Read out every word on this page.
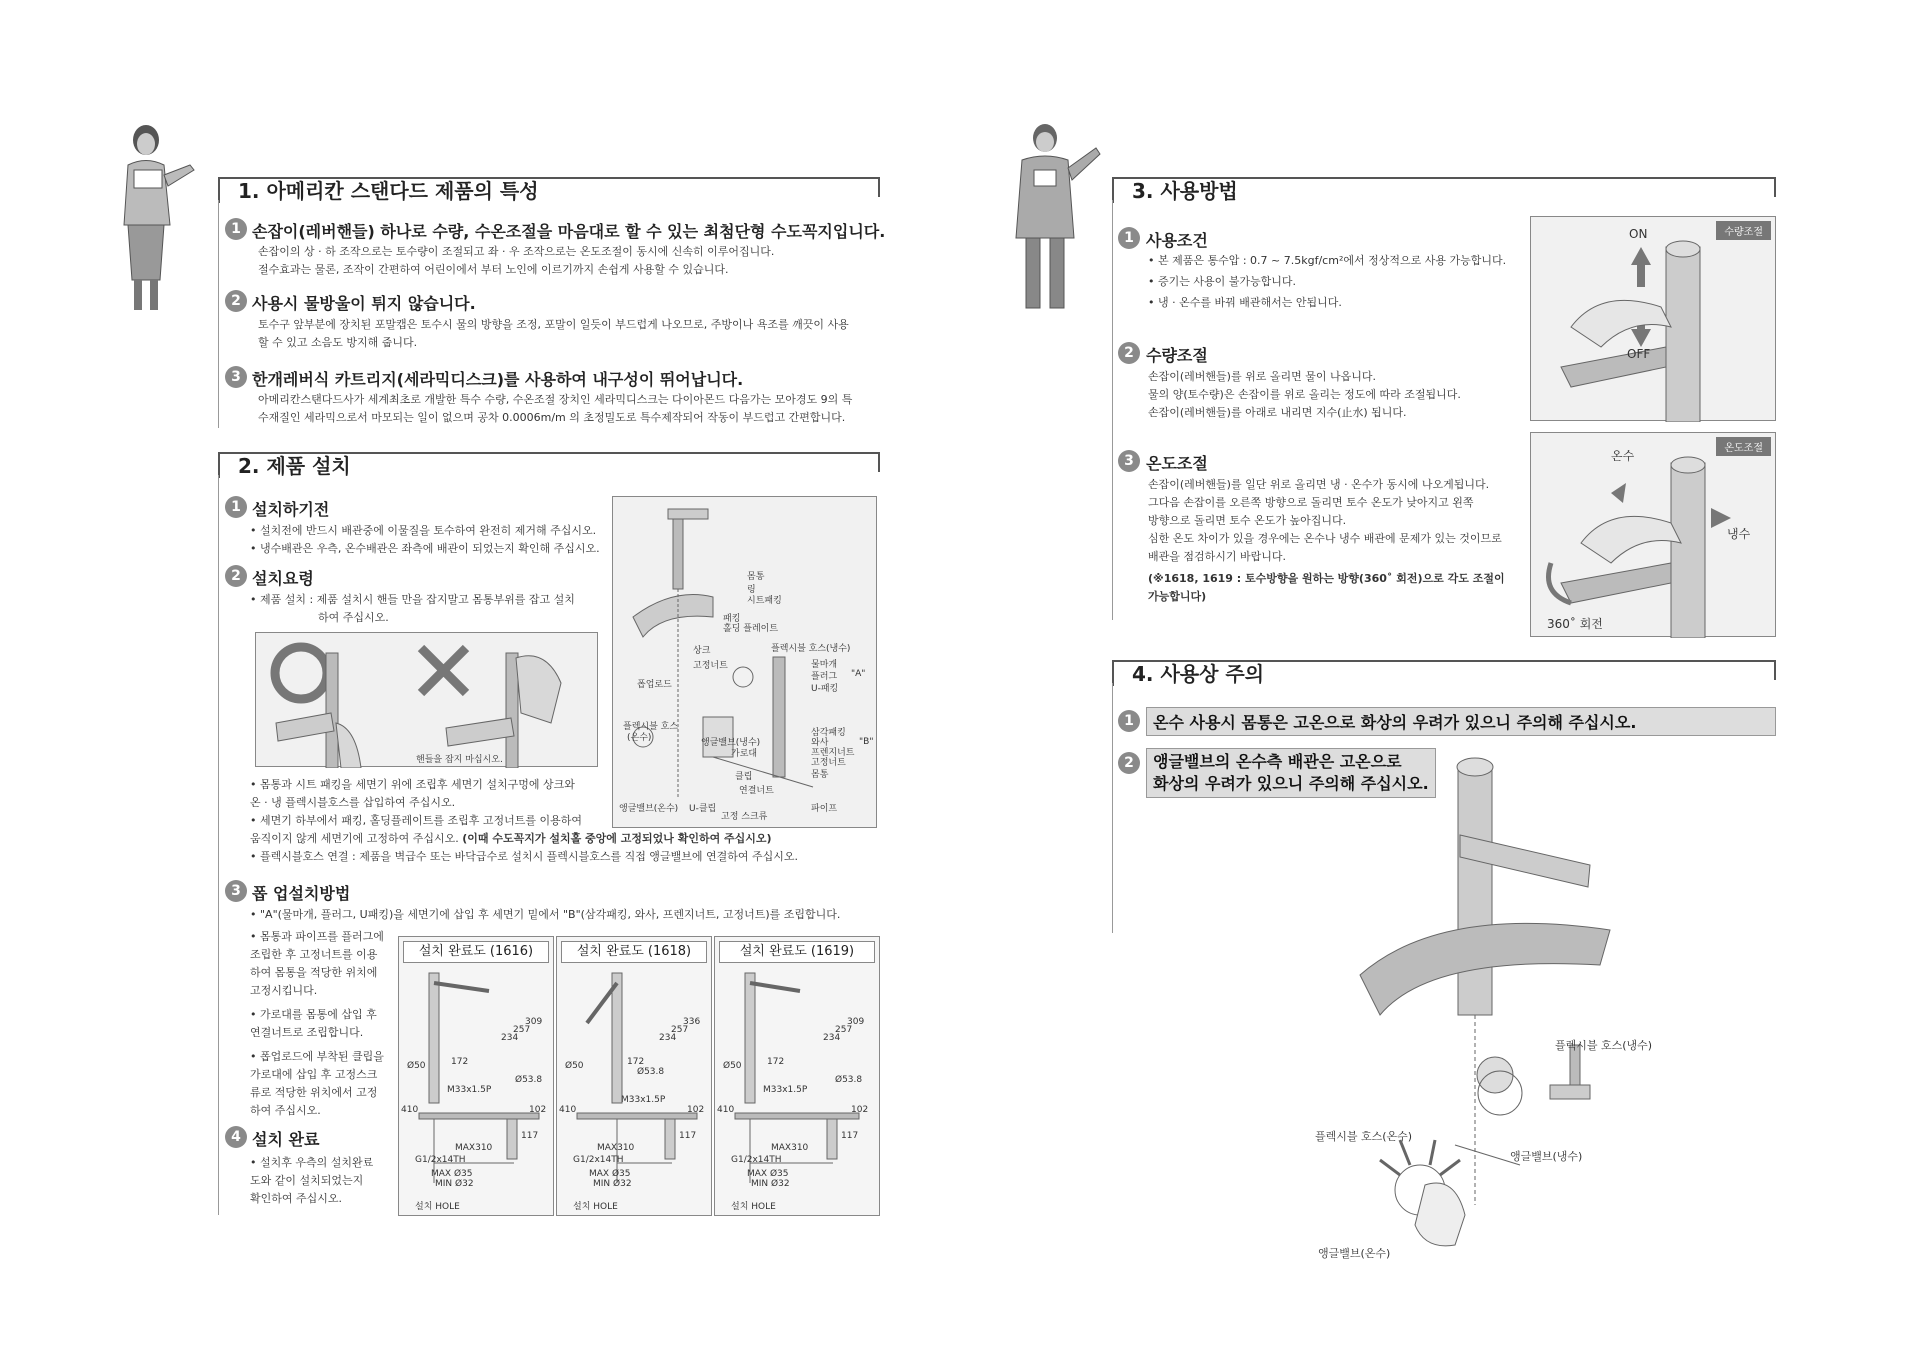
1. 아메리칸 스탠다드 제품의 특성
1 손잡이(레버핸들) 하나로 수량, 수온조절을 마음대로 할 수 있는 최첨단형 수도꼭지입니다.

손잡이의 상 · 하 조작으로는 토수량이 조절되고 좌 · 우 조작으로는 온도조절이 동시에 신속히 이루어집니다.

절수효과는 물론, 조작이 간편하여 어린이에서 부터 노인에 이르기까지 손쉽게 사용할 수 있습니다.

2 사용시 물방울이 튀지 않습니다.

토수구 앞부분에 장치된 포말캡은 토수시 물의 방향을 조정, 포말이 일듯이 부드럽게 나오므로, 주방이나 욕조를 깨끗이 사용

할 수 있고 소음도 방지해 줍니다.

3 한개레버식 카트리지(세라믹디스크)를 사용하여 내구성이 뛰어납니다.

아메리칸스탠다드사가 세계최초로 개발한 특수 수량, 수온조절 장치인 세라믹디스크는 다이아몬드 다음가는 모아경도 9의 특

수재질인 세라믹으로서 마모되는 일이 없으며 공차 0.0006m/m 의 초정밀도로 특수제작되어 작동이 부드럽고 간편합니다.

2. 제품 설치
1 설치하기전

• 설치전에 반드시 배관중에 이물질을 토수하여 완전히 제거해 주십시오.

• 냉수배관은 우측, 온수배관은 좌측에 배관이 되었는지 확인해 주십시오.

2 설치요령

• 제품 설치 : 제품 설치시 핸들 만을 잡지말고 몸통부위를 잡고 설치

하여 주십시오.

핸들을 잡지 마십시오.
몸통
링
시트패킹
패킹
홀딩 플레이트
상크
고정너트
플렉시블 호스(냉수)
물마개
플러그
U-패킹
"A"
폽업로드
플렉시블 호스
(온수)	앵글밸브(냉수)
가로대
삼각패킹
와사
프렌지너트
고정너트
"B"
몸통
클립
연결너트
앵글밸브(온수) U-클립
고정 스크류
파이프

• 몸통과 시트 패킹을 세면기 위에 조립후 세면기 설치구멍에 상크와

온 · 냉 플렉시블호스를 삽입하여 주십시오.

• 세면기 하부에서 패킹, 홀딩플레이트를 조립후 고정너트를 이용하여

움직이지 않게 세면기에 고정하여 주십시오. (이때 수도꼭지가 설치홀 중앙에 고정되었나 확인하여 주십시오)

• 플렉시블호스 연결 : 제품을 벽급수 또는 바닥급수로 설치시 플렉시블호스를 직접 앵글밸브에 연결하여 주십시오.

3 폽 업설치방법

• "A"(물마개, 플러그, U패킹)을 세면기에 삽입 후 세면기 밑에서 "B"(삼각패킹, 와사, 프렌지너트, 고정너트)를 조립합니다.

• 몸통과 파이프를 플러그에

조립한 후 고정너트를 이용

하여 몸통을 적당한 위치에

고정시킵니다.

• 가로대를 몸통에 삽입 후

연결너트로 조립합니다.

• 폽업로드에 부착된 클립을

가로대에 삽입 후 고정스크

류로 적당한 위치에서 고정

하여 주십시오.

4 설치 완료

• 설치후 우측의 설치완료

도와 같이 설치되었는지

확인하여 주십시오.

설치 완료도 (1616)
Ø50	172
234
257
309
M33x1.5P
Ø53.8
410	102
117
MAX310
G1/2x14TH
MAX Ø35
MIN Ø32
설치 HOLE
설치 완료도 (1618)
Ø50	172
Ø53.8
234
257
336
410
M33x1.5P
102
117
MAX310
G1/2x14TH
MAX Ø35
MIN Ø32
설치 HOLE
설치 완료도 (1619)
Ø50	172
234
257
309
M33x1.5P
Ø53.8
410	102
117
MAX310
G1/2x14TH
MAX Ø35
MIN Ø32
설치 HOLE
3. 사용방법
1 사용조건

• 본 제품은 통수압 : 0.7 ~ 7.5kgf/cm²에서 정상적으로 사용 가능합니다.

• 증기는 사용이 불가능합니다.

• 냉 · 온수를 바꿔 배관해서는 안됩니다.

2 수량조절

손잡이(레버핸들)를 위로 올리면 물이 나옵니다.

물의 양(토수량)은 손잡이를 위로 올리는 정도에 따라 조절됩니다.

손잡이(레버핸들)를 아래로 내리면 지수(止水) 됩니다.

3 온도조절

손잡이(레버핸들)를 일단 위로 올리면 냉 · 온수가 동시에 나오게됩니다.

그다음 손잡이를 오른쪽 방향으로 돌리면 토수 온도가 낮아지고 왼쪽

방향으로 돌리면 토수 온도가 높아집니다.

심한 온도 차이가 있을 경우에는 온수나 냉수 배관에 문제가 있는 것이므로

배관을 점검하시기 바랍니다.

(※1618, 1619 : 토수방향을 원하는 방향(360˚ 회전)으로 각도 조절이

가능합니다)

수량조절
ON
OFF
온도조절
온수
냉수
360˚ 회전
4. 사용상 주의
1	온수 사용시 몸통은 고온으로 화상의 우려가 있으니 주의해 주십시오.
2	앵글밸브의 온수측 배관은 고온으로
화상의 우려가 있으니 주의해 주십시오.
플렉시블 호스(냉수)
플렉시블 호스(온수)
앵글밸브(냉수)
앵글밸브(온수)
